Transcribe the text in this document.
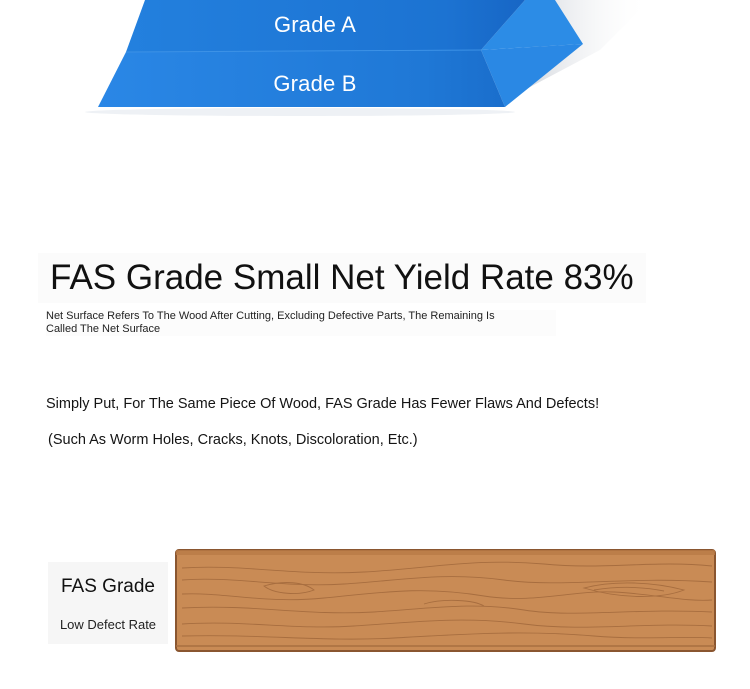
Grade A
Grade B
FAS Grade Small Net Yield Rate 83%
Net Surface Refers To The Wood After Cutting, Excluding Defective Parts, The Remaining Is
Called The Net Surface
Simply Put, For The Same Piece Of Wood, FAS Grade Has Fewer Flaws And Defects!
(Such As Worm Holes, Cracks, Knots, Discoloration, Etc.)
FAS Grade
Low Defect Rate
